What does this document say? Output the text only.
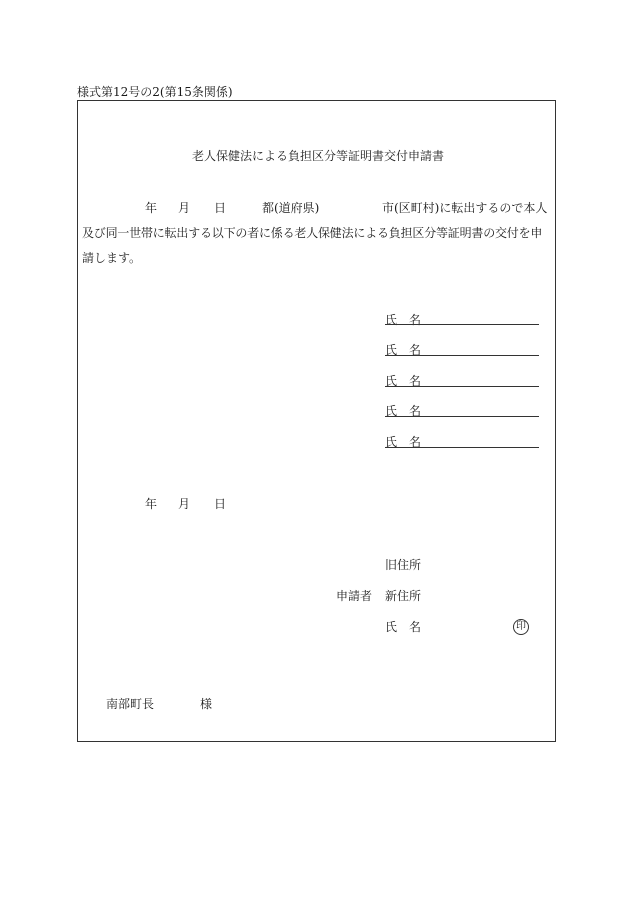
様式第12号の2(第15条関係)
老人保健法による負担区分等証明書交付申請書
年 月 日	都(道府県)	市(区町村)に転出するので本人
及び同一世帯に転出する以下の者に係る老人保健法による負担区分等証明書の交付を申
請します。
氏 名
氏 名
氏 名
氏 名
氏 名
年 月 日
旧住所
申請者 新住所
氏 名	印
南部町長	様
